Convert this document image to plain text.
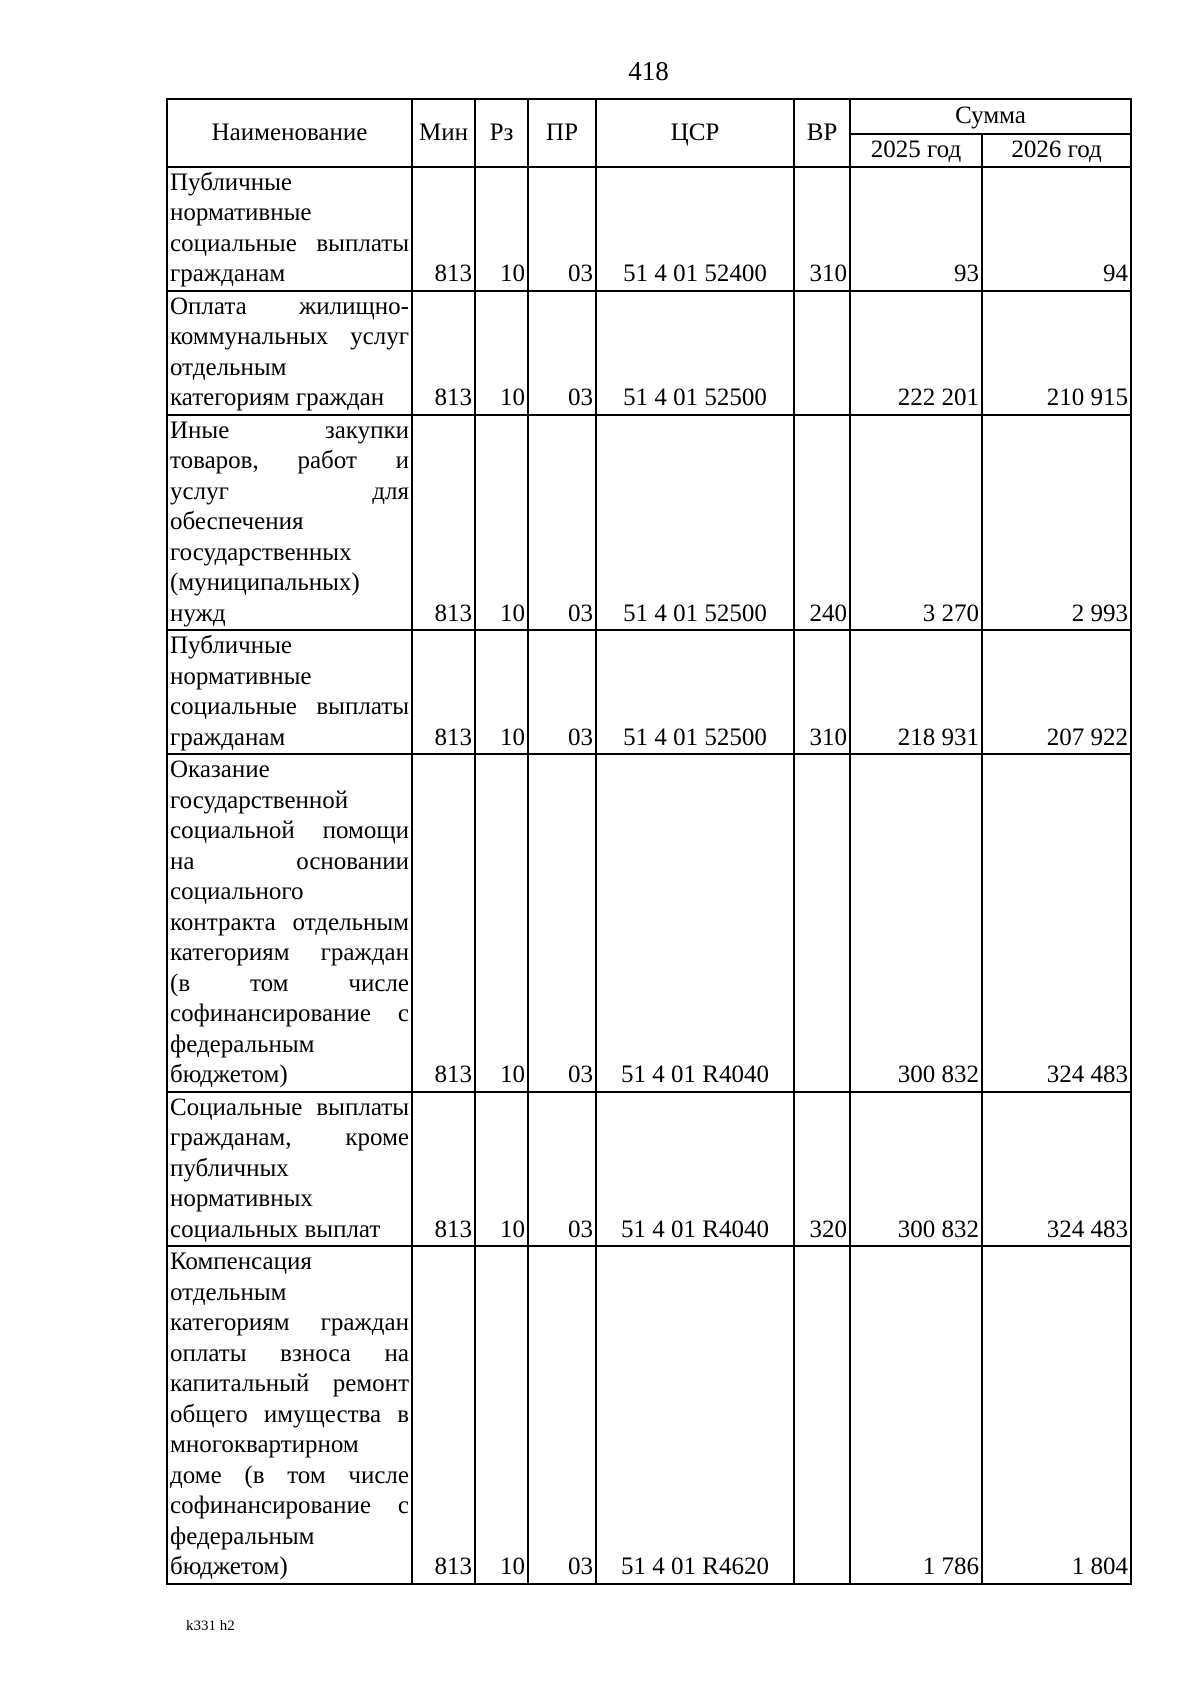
418
Наименование	Мин	Рз	ПР	ЦСР	ВР	Сумма	
						2025 год	2026 год
Публичные нормативные социальные выплаты гражданам	813	10	03	51 4 01 52400	310	93	94
Оплата жилищно-коммунальных услуг отдельным категориям граждан	813	10	03	51 4 01 52500		222 201	210 915
Иные закупки товаров, работ и услуг для обеспечения государственных (муниципальных) нужд	813	10	03	51 4 01 52500	240	3 270	2 993
Публичные нормативные социальные выплаты гражданам	813	10	03	51 4 01 52500	310	218 931	207 922
Оказание государственной социальной помощи на основании социального контракта отдельным категориям граждан (в том числе софинансирование с федеральным бюджетом)	813	10	03	51 4 01 R4040		300 832	324 483
Социальные выплаты гражданам, кроме публичных нормативных социальных выплат	813	10	03	51 4 01 R4040	320	300 832	324 483
Компенсация отдельным категориям граждан оплаты взноса на капитальный ремонт общего имущества в многоквартирном доме (в том числе софинансирование с федеральным бюджетом)	813	10	03	51 4 01 R4620		1 786	1 804
k331 h2
